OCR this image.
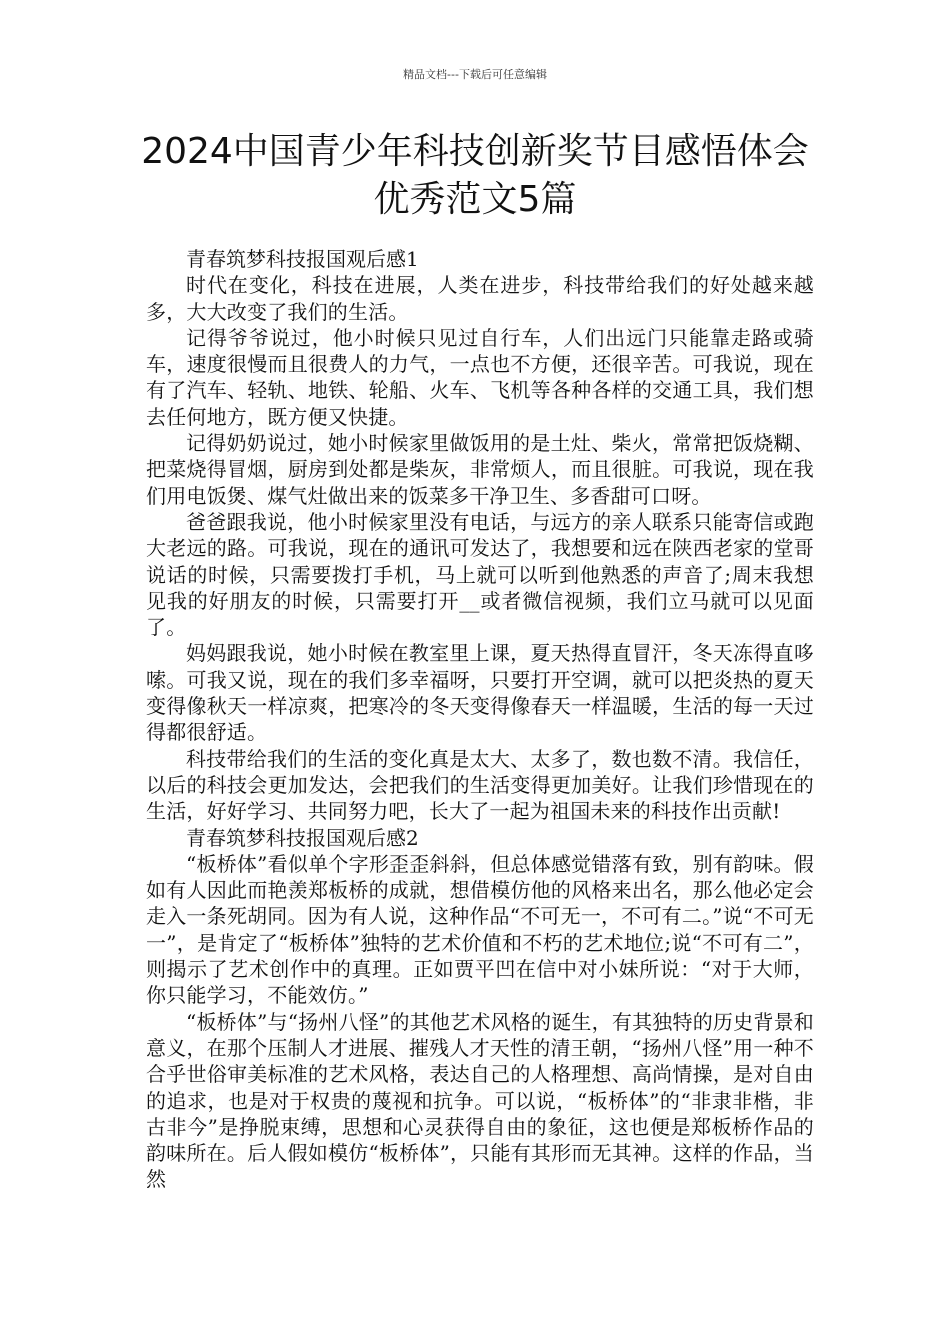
精品文档---下载后可任意编辑
2024中国青少年科技创新奖节目感悟体会优秀范文5篇

青春筑梦科技报国观后感1

时代在变化，科技在进展，人类在进步，科技带给我们的好处越来越多，大大改变了我们的生活。

记得爷爷说过，他小时候只见过自行车，人们出远门只能靠走路或骑车，速度很慢而且很费人的力气，一点也不方便，还很辛苦。可我说，现在有了汽车、轻轨、地铁、轮船、火车、飞机等各种各样的交通工具，我们想去任何地方，既方便又快捷。

记得奶奶说过，她小时候家里做饭用的是土灶、柴火，常常把饭烧糊、把菜烧得冒烟，厨房到处都是柴灰，非常烦人，而且很脏。可我说，现在我们用电饭煲、煤气灶做出来的饭菜多干净卫生、多香甜可口呀。

爸爸跟我说，他小时候家里没有电话，与远方的亲人联系只能寄信或跑大老远的路。可我说，现在的通讯可发达了，我想要和远在陕西老家的堂哥说话的时候，只需要拨打手机，马上就可以听到他熟悉的声音了;周末我想见我的好朋友的时候，只需要打开__或者微信视频，我们立马就可以见面了。

妈妈跟我说，她小时候在教室里上课，夏天热得直冒汗，冬天冻得直哆嗦。可我又说，现在的我们多幸福呀，只要打开空调，就可以把炎热的夏天变得像秋天一样凉爽，把寒冷的冬天变得像春天一样温暖，生活的每一天过得都很舒适。

科技带给我们的生活的变化真是太大、太多了，数也数不清。我信任，以后的科技会更加发达，会把我们的生活变得更加美好。让我们珍惜现在的生活，好好学习、共同努力吧，长大了一起为祖国未来的科技作出贡献!

青春筑梦科技报国观后感2

“板桥体”看似单个字形歪歪斜斜，但总体感觉错落有致，别有韵味。假如有人因此而艳羡郑板桥的成就，想借模仿他的风格来出名，那么他必定会走入一条死胡同。因为有人说，这种作品“不可无一，不可有二。”说“不可无一”，是肯定了“板桥体”独特的艺术价值和不朽的艺术地位;说“不可有二”，则揭示了艺术创作中的真理。正如贾平凹在信中对小妹所说：“对于大师，你只能学习，不能效仿。”

“板桥体”与“扬州八怪”的其他艺术风格的诞生，有其独特的历史背景和意义，在那个压制人才进展、摧残人才天性的清王朝，“扬州八怪”用一种不合乎世俗审美标准的艺术风格，表达自己的人格理想、高尚情操，是对自由的追求，也是对于权贵的蔑视和抗争。可以说，“板桥体”的“非隶非楷，非古非今”是挣脱束缚，思想和心灵获得自由的象征，这也便是郑板桥作品的韵味所在。后人假如模仿“板桥体”，只能有其形而无其神。这样的作品，当然
